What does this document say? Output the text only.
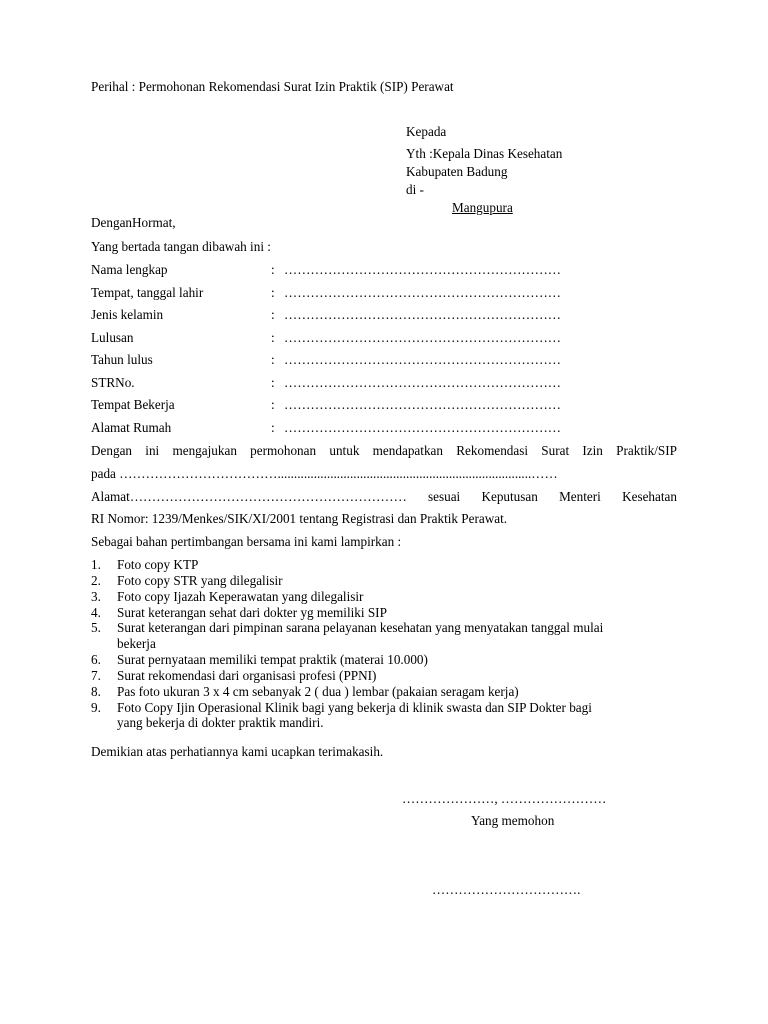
Perihal : Permohonan Rekomendasi Surat Izin Praktik (SIP) Perawat
Kepada
Yth :Kepala Dinas Kesehatan
Kabupaten Badung
di -
Mangupura
DenganHormat,
Yang bertada tangan dibawah ini :
Nama lengkap	: ………………………………………………………
Tempat, tanggal lahir	: ………………………………………………………
Jenis kelamin	: ………………………………………………………
Lulusan	: ………………………………………………………
Tahun lulus	: ………………………………………………………
STRNo.	: ………………………………………………………
Tempat Bekerja	: ………………………………………………………
Alamat Rumah	: ………………………………………………………
Dengan ini mengajukan permohonan untuk mendapatkan Rekomendasi Surat Izin Praktik/SIP
pada ……………………………….............................................................................……
Alamat……………………………………………………… sesuai Keputusan Menteri Kesehatan
RI Nomor: 1239/Menkes/SIK/XI/2001 tentang Registrasi dan Praktik Perawat.
Sebagai bahan pertimbangan bersama ini kami lampirkan :
1. Foto copy KTP
2. Foto copy STR yang dilegalisir
3. Foto copy Ijazah Keperawatan yang dilegalisir
4. Surat keterangan sehat dari dokter yg memiliki SIP
5. Surat keterangan dari pimpinan sarana pelayanan kesehatan yang menyatakan tanggal mulai
bekerja
6. Surat pernyataan memiliki tempat praktik (materai 10.000)
7. Surat rekomendasi dari organisasi profesi (PPNI)
8. Pas foto ukuran 3 x 4 cm sebanyak 2 ( dua ) lembar (pakaian seragam kerja)
9. Foto Copy Ijin Operasional Klinik bagi yang bekerja di klinik swasta dan SIP Dokter bagi
yang bekerja di dokter praktik mandiri.
Demikian atas perhatiannya kami ucapkan terimakasih.
…………………, ……………………
Yang memohon
…………………………….
